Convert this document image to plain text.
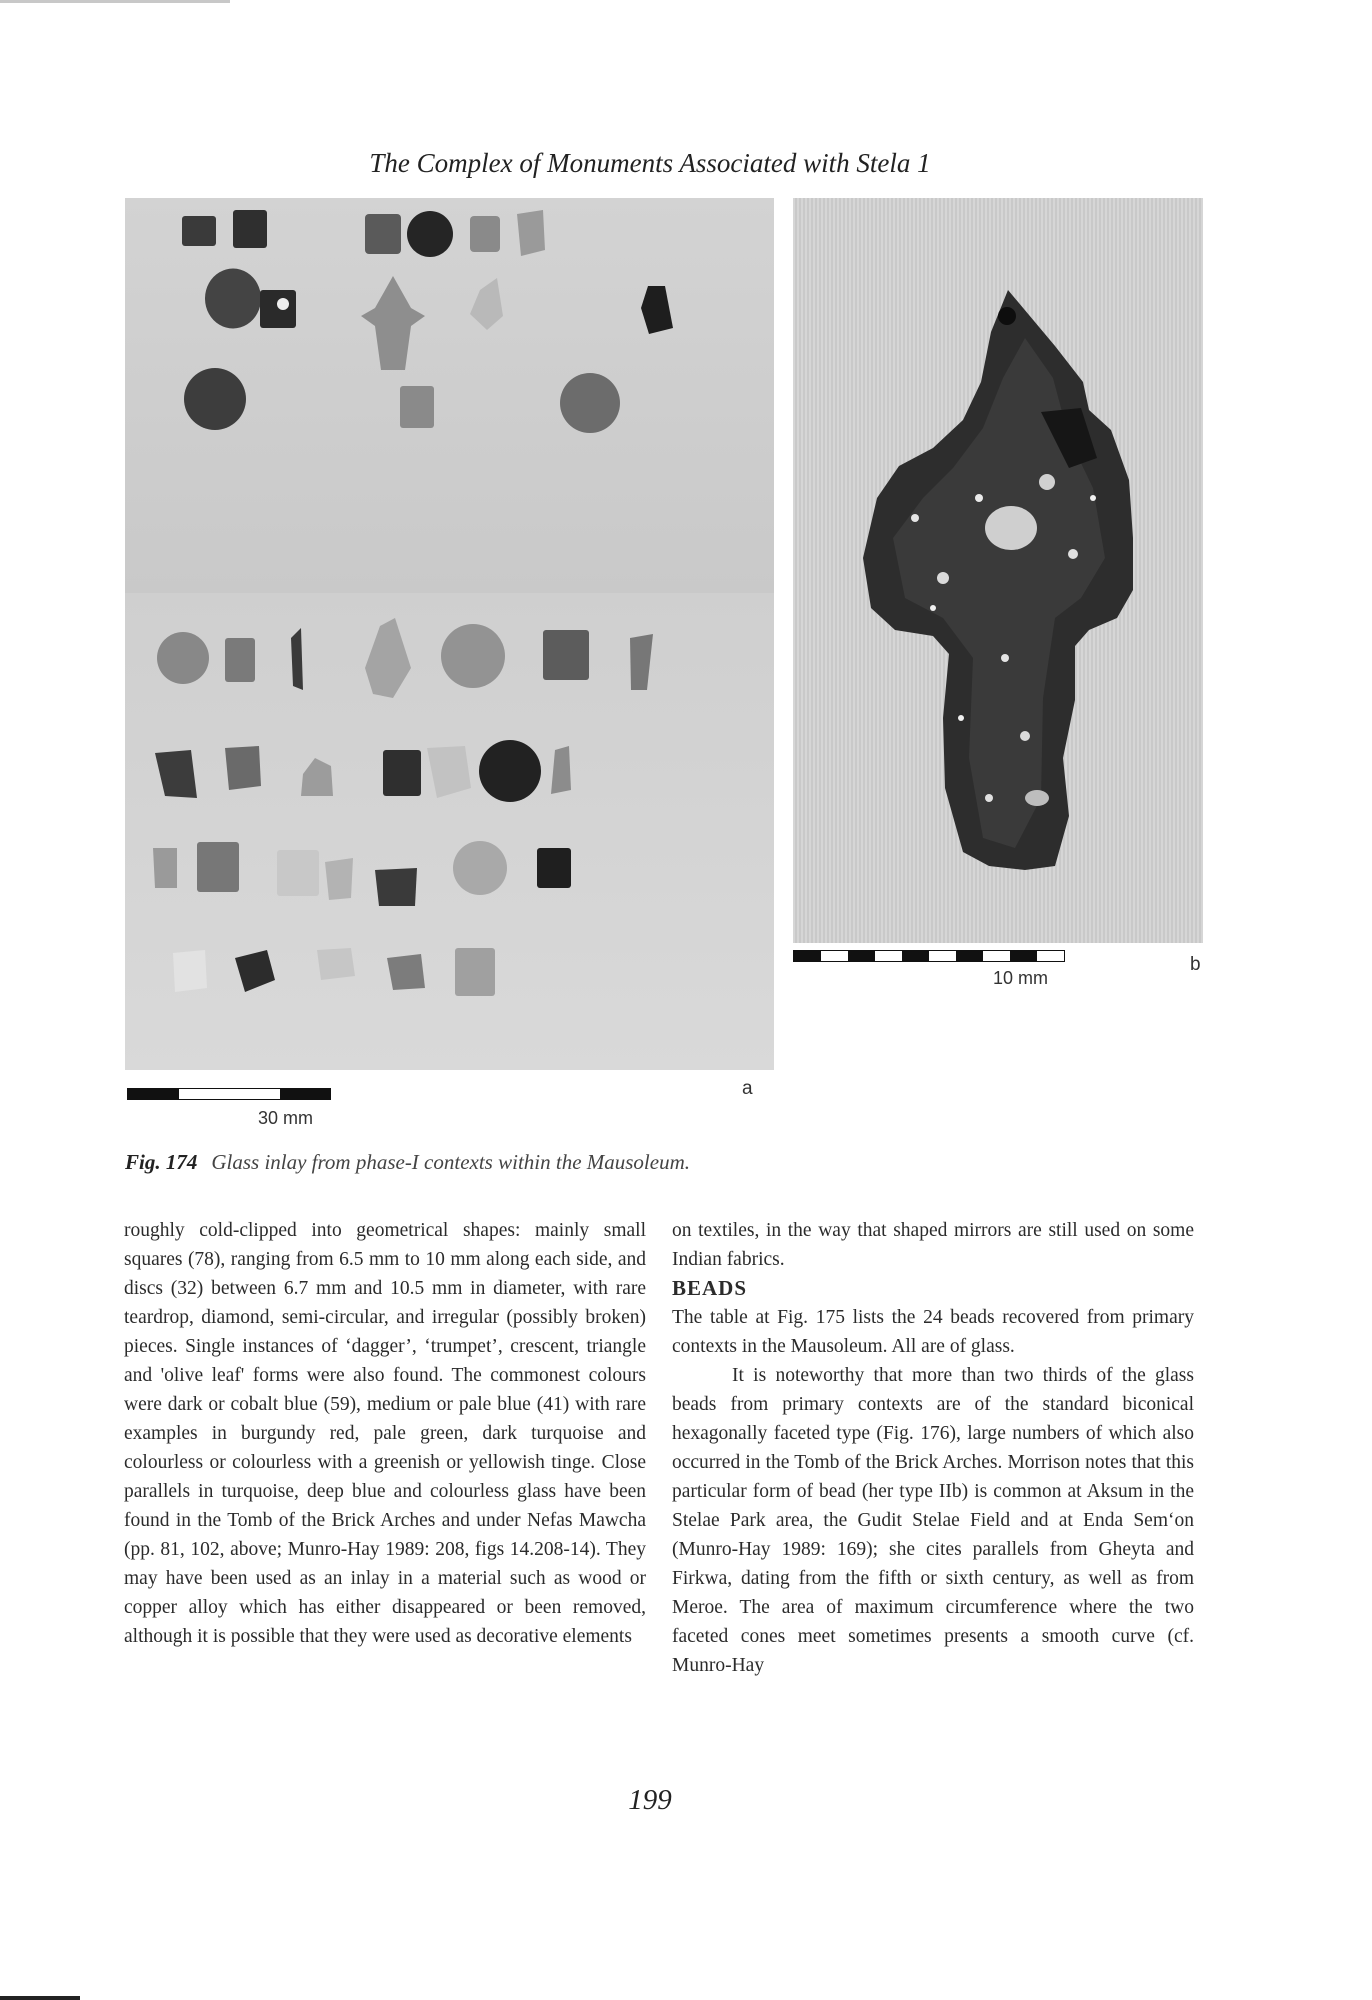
The Complex of Monuments Associated with Stela 1
30 mm
a
10 mm
b
Fig. 174 Glass inlay from phase-I contexts within the Mausoleum.

roughly cold-clipped into geometrical shapes: mainly small squares (78), ranging from 6.5 mm to 10 mm along each side, and discs (32) between 6.7 mm and 10.5 mm in diameter, with rare teardrop, diamond, semi-circular, and irregular (possibly broken) pieces. Single instances of ‘dagger’, ‘trumpet’, crescent, triangle and 'olive leaf' forms were also found. The commonest colours were dark or cobalt blue (59), medium or pale blue (41) with rare examples in burgundy red, pale green, dark turquoise and colourless or colourless with a greenish or yellowish tinge. Close parallels in turquoise, deep blue and colourless glass have been found in the Tomb of the Brick Arches and under Nefas Mawcha (pp. 81, 102, above; Munro-Hay 1989: 208, figs 14.208-14). They may have been used as an inlay in a material such as wood or copper alloy which has either disappeared or been removed, although it is possible that they were used as decorative elements

on textiles, in the way that shaped mirrors are still used on some Indian fabrics.

BEADS

The table at Fig. 175 lists the 24 beads recovered from primary contexts in the Mausoleum. All are of glass.

It is noteworthy that more than two thirds of the glass beads from primary contexts are of the standard biconical hexagonally faceted type (Fig. 176), large numbers of which also occurred in the Tomb of the Brick Arches. Morrison notes that this particular form of bead (her type IIb) is common at Aksum in the Stelae Park area, the Gudit Stelae Field and at Enda Sem‘on (Munro-Hay 1989: 169); she cites parallels from Gheyta and Firkwa, dating from the fifth or sixth century, as well as from Meroe. The area of maximum circumference where the two faceted cones meet sometimes presents a smooth curve (cf. Munro-Hay

199
